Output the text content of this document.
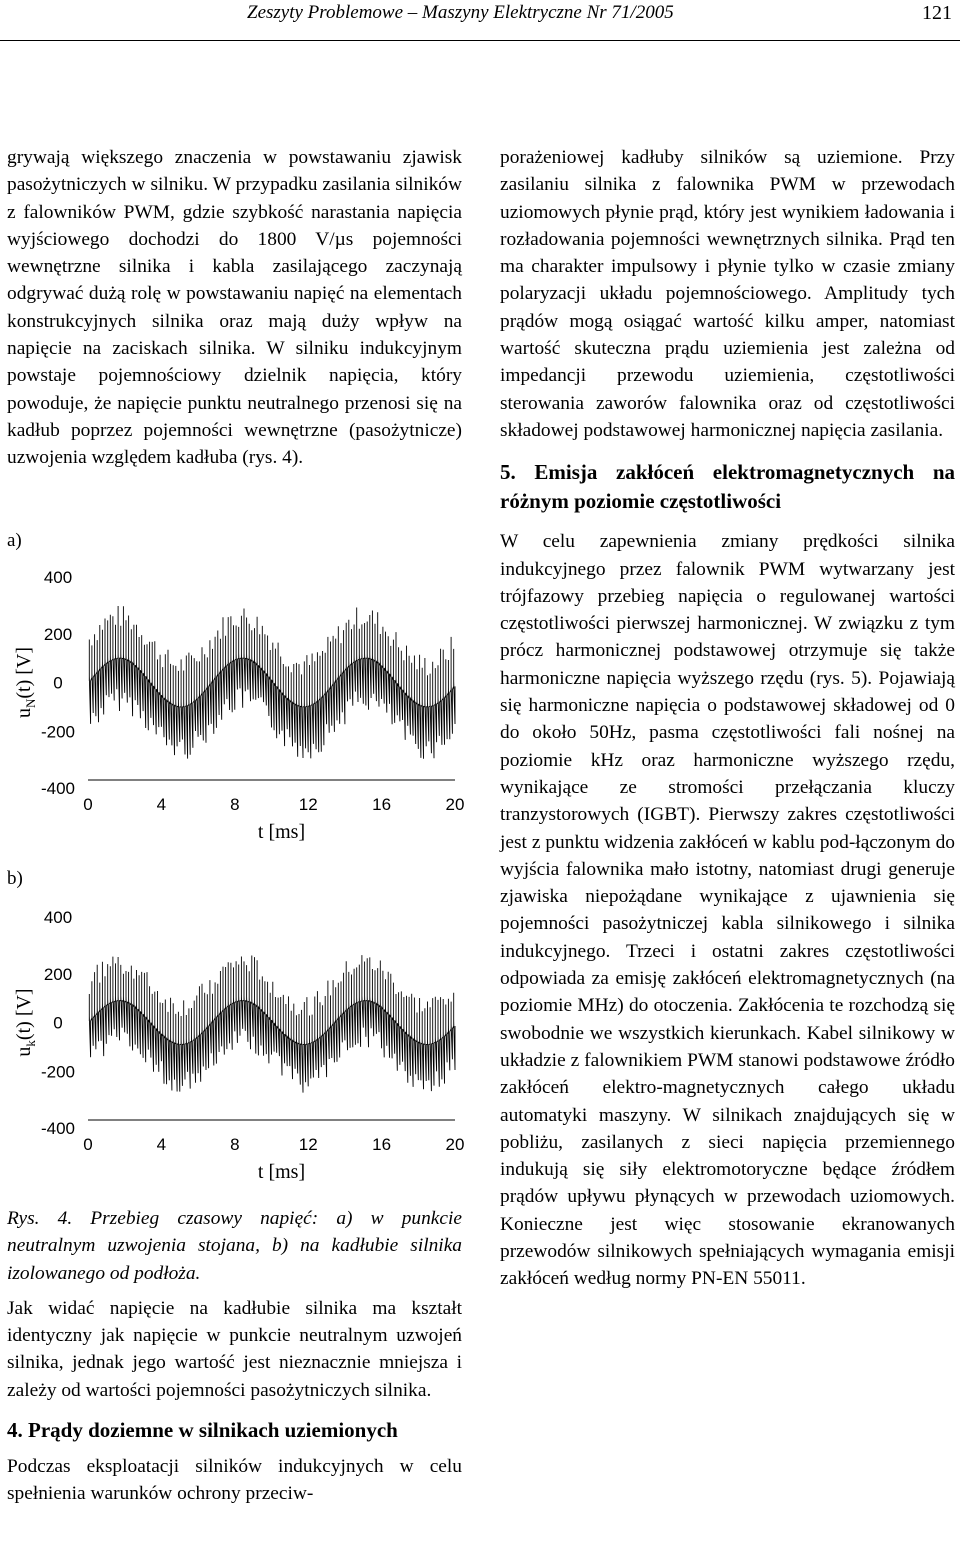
Zeszyty Problemowe – Maszyny Elektryczne Nr 71/2005	121

grywają większego znaczenia w powstawaniu zjawisk pasożytniczych w silniku. W przypadku zasilania silników z falowników PWM, gdzie szybkość narastania napięcia wyjściowego dochodzi do 1800 V/µs pojemności wewnętrzne silnika i kabla zasilającego zaczynają odgrywać dużą rolę w powstawaniu napięć na elementach konstrukcyjnych silnika oraz mają duży wpływ na napięcie na zaciskach silnika. W silniku indukcyjnym powstaje pojemnościowy dzielnik napięcia, który powoduje, że napięcie punktu neutralnego przenosi się na kadłub poprzez pojemności wewnętrzne (pasożytnicze) uzwojenia względem kadłuba (rys. 4).

a)
b)
400
200
0
-200
-400
$u_N(t)$ [V]
0	4	8	12	16	20
t [ms]
400
200
0
-200
-400
$u_k(t)$ [V]
0	4	8	12	16	20
t [ms]

Rys. 4. Przebieg czasowy napięć: a) w punkcie neutralnym uzwojenia stojana, b) na kadłubie silnika izolowanego od podłoża.

Jak widać napięcie na kadłubie silnika ma kształt identyczny jak napięcie w punkcie neutralnym uzwojeń silnika, jednak jego wartość jest nieznacznie mniejsza i zależy od wartości pojemności pasożytniczych silnika.

4. Prądy doziemne w silnikach uziemionych

Podczas eksploatacji silników indukcyjnych w celu spełnienia warunków ochrony przeciw-

porażeniowej kadłuby silników są uziemione. Przy zasilaniu silnika z falownika PWM w przewodach uziomowych płynie prąd, który jest wynikiem ładowania i rozładowania pojemności wewnętrznych silnika. Prąd ten ma charakter impulsowy i płynie tylko w czasie zmiany polaryzacji układu pojemnościowego. Amplitudy tych prądów mogą osiągać wartość kilku amper, natomiast wartość skuteczna prądu uziemienia jest zależna od impedancji przewodu uziemienia, częstotliwości sterowania zaworów falownika oraz od częstotliwości składowej podstawowej harmonicznej napięcia zasilania.

5. Emisja zakłóceń elektromagnetycznych na różnym poziomie częstotliwości

W celu zapewnienia zmiany prędkości silnika indukcyjnego przez falownik PWM wytwarzany jest trójfazowy przebieg napięcia o regulowanej wartości częstotliwości pierwszej harmonicznej. W związku z tym prócz harmonicznej podstawowej otrzymuje się także harmoniczne napięcia wyższego rzędu (rys. 5). Pojawiają się harmoniczne napięcia o podstawowej składowej od 0 do około 50Hz, pasma częstotliwości fali nośnej na poziomie kHz oraz harmoniczne wyższego rzędu, wynikające ze stromości przełączania kluczy tranzystorowych (IGBT). Pierwszy zakres częstotliwości jest z punktu widzenia zakłóceń w kablu pod-łączonym do wyjścia falownika mało istotny, natomiast drugi generuje zjawiska niepożądane wynikające z ujawnienia się pojemności pasożytniczej kabla silnikowego i silnika indukcyjnego. Trzeci i ostatni zakres częstotliwości odpowiada za emisję zakłóceń elektromagnetycznych (na poziomie MHz) do otoczenia. Zakłócenia te rozchodzą się swobodnie we wszystkich kierunkach. Kabel silnikowy w układzie z falownikiem PWM stanowi podstawowe źródło zakłóceń elektro-magnetycznych całego układu automatyki maszyny. W silnikach znajdujących się w pobliżu, zasilanych z sieci napięcia przemiennego indukują się siły elektromotoryczne będące źródłem prądów upływu płynących w przewodach uziomowych. Konieczne jest więc stosowanie ekranowanych przewodów silnikowych spełniających wymagania emisji zakłóceń według normy PN-EN 55011.
